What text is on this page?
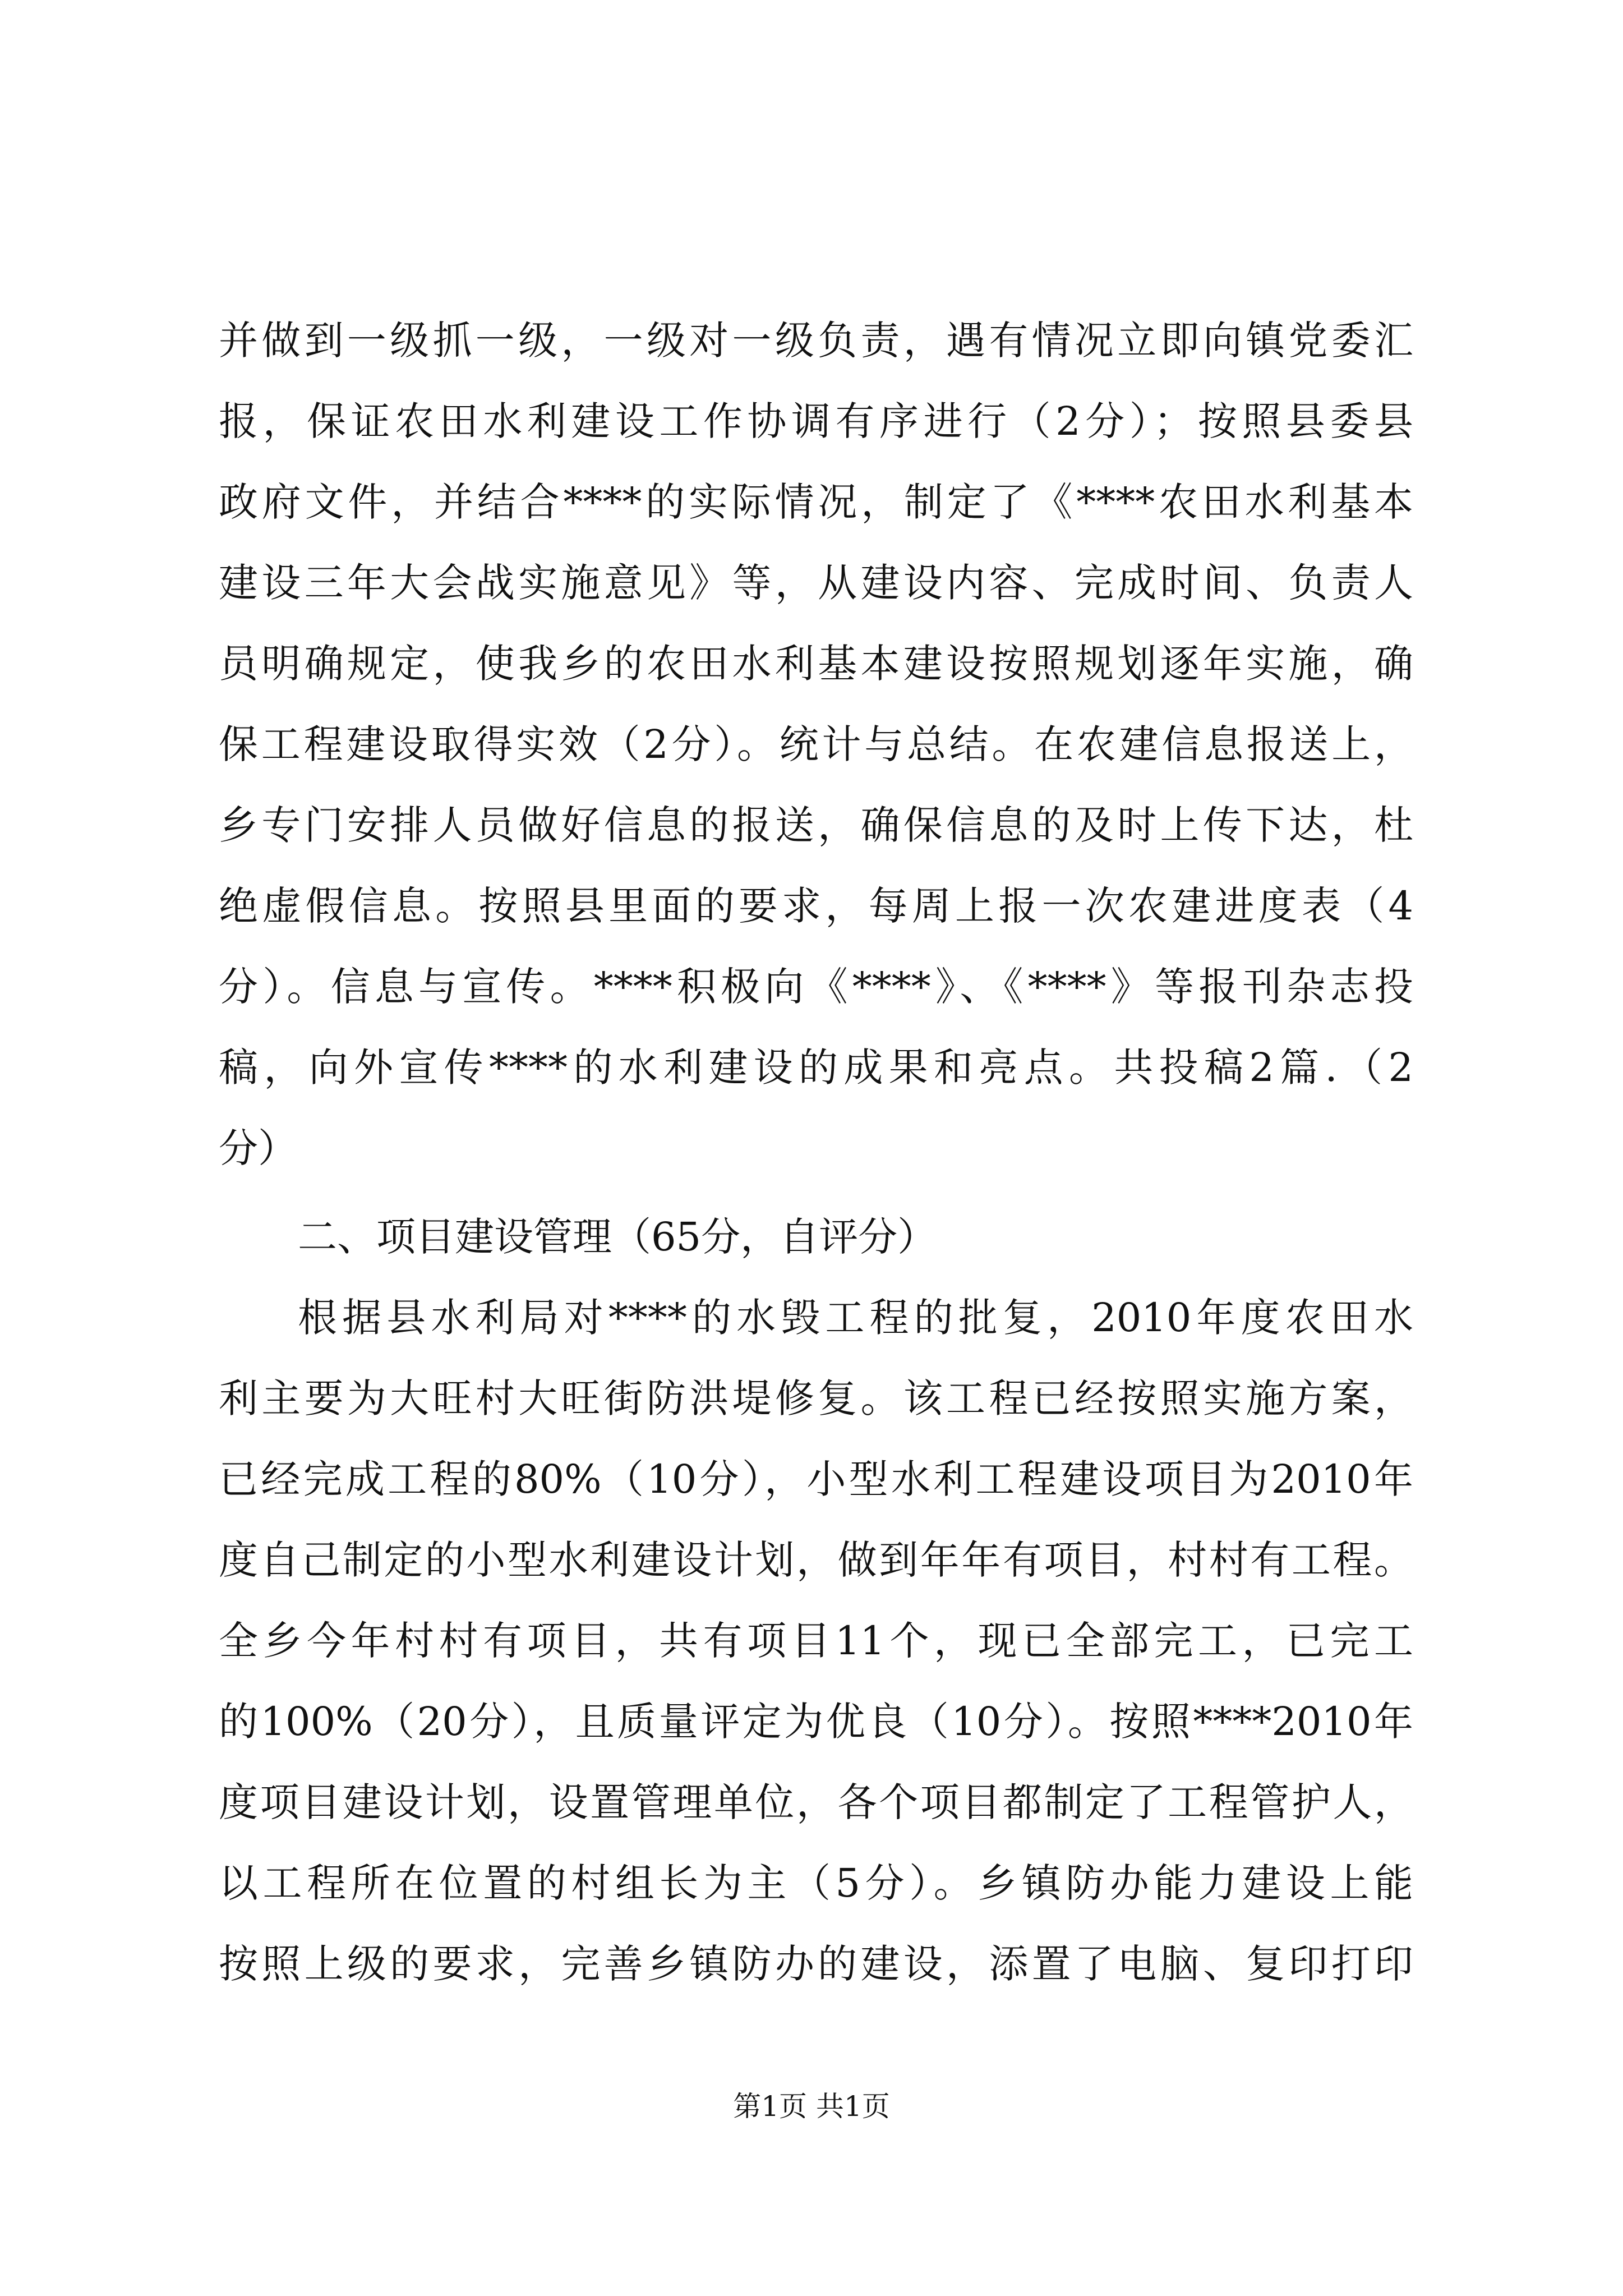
并做到一级抓一级，一级对一级负责，遇有情况立即向镇党委汇
报，保证农田水利建设工作协调有序进行（2分）；按照县委县
政府文件，并结合****的实际情况，制定了《****农田水利基本
建设三年大会战实施意见》等，从建设内容、完成时间、负责人
员明确规定，使我乡的农田水利基本建设按照规划逐年实施，确
保工程建设取得实效（2分）。统计与总结。在农建信息报送上，
乡专门安排人员做好信息的报送，确保信息的及时上传下达，杜
绝虚假信息。按照县里面的要求，每周上报一次农建进度表（4
分）。信息与宣传。****积极向《****》、《****》等报刊杂志投
稿，向外宣传****的水利建设的成果和亮点。共投稿2篇.（2
分）
二、项目建设管理（65分，自评分）
根据县水利局对****的水毁工程的批复，2010年度农田水
利主要为大旺村大旺街防洪堤修复。该工程已经按照实施方案，
已经完成工程的80%（10分），小型水利工程建设项目为2010年
度自己制定的小型水利建设计划，做到年年有项目，村村有工程。
全乡今年村村有项目，共有项目11个，现已全部完工，已完工
的100%（20分），且质量评定为优良（10分）。按照****2010年
度项目建设计划，设置管理单位，各个项目都制定了工程管护人，
以工程所在位置的村组长为主（5分）。乡镇防办能力建设上能
按照上级的要求，完善乡镇防办的建设，添置了电脑、复印打印
第1页 共1页
